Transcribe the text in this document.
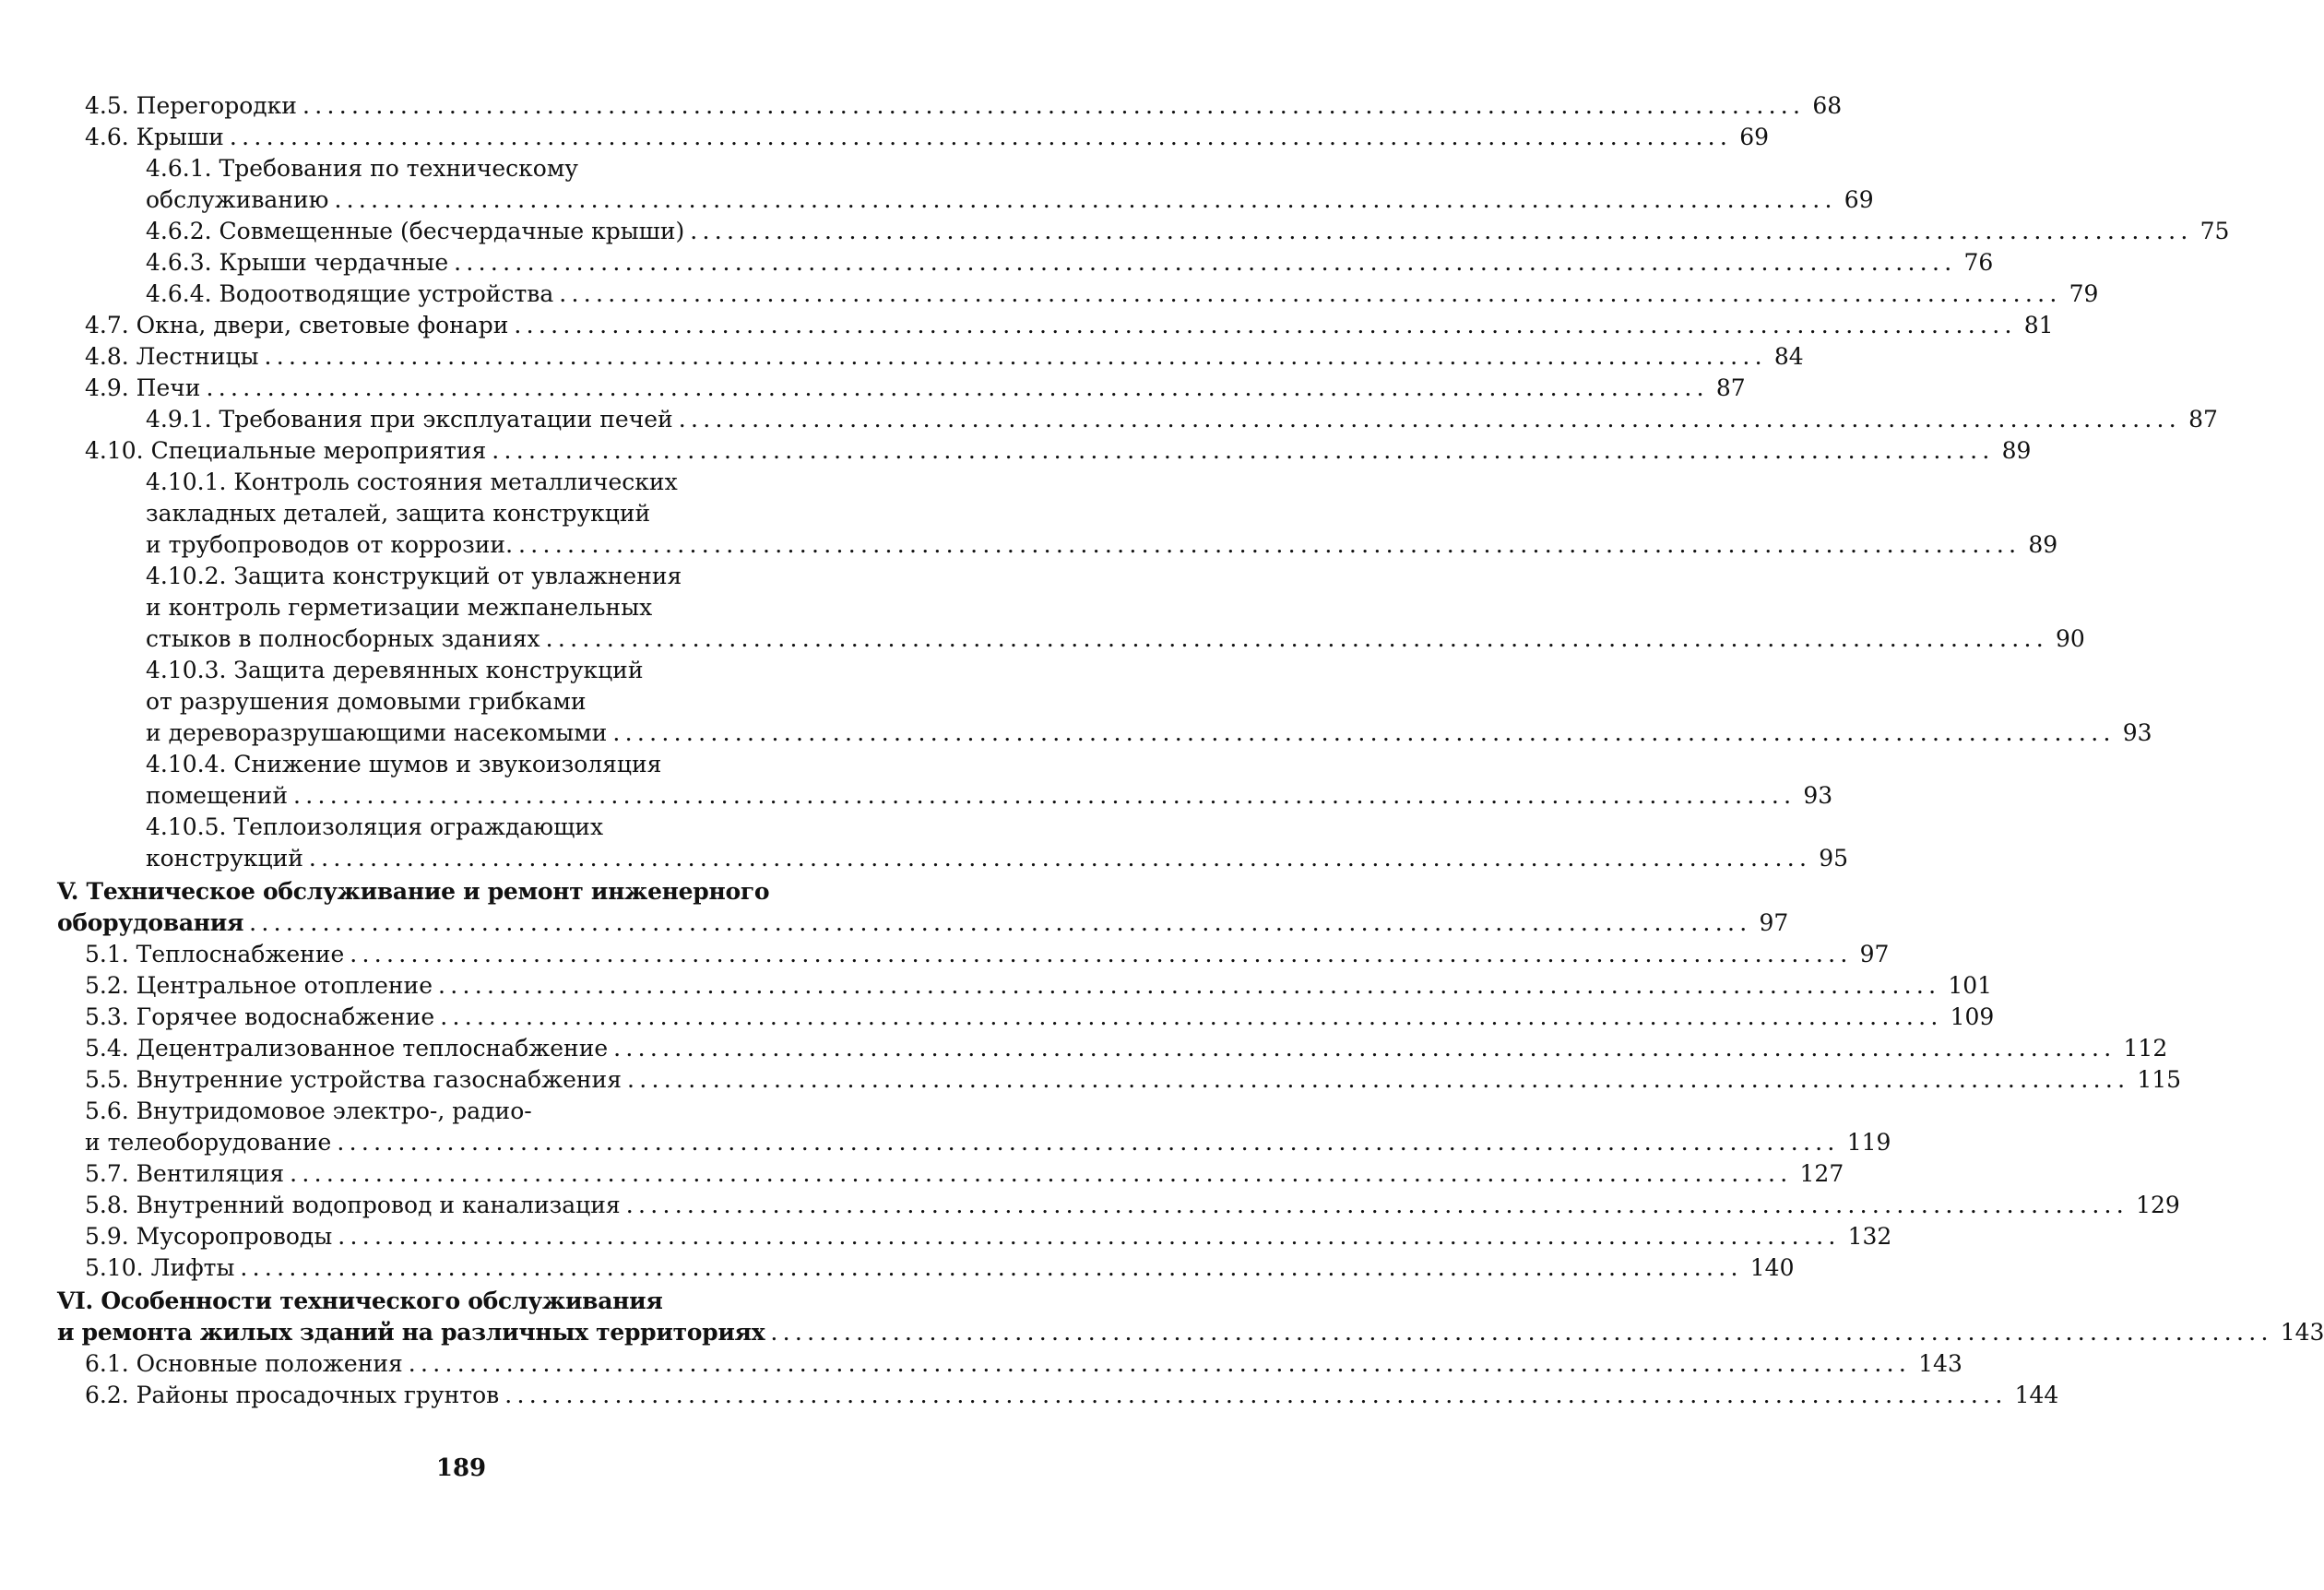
4.5. Перегородки ........................................................................................................................... 68
4.6. Крыши ........................................................................................................................... 69
4.6.1. Требования по техническому
обслуживанию ........................................................................................................................... 69
4.6.2. Совмещенные (бесчердачные крыши) ........................................................................................................................... 75
4.6.3. Крыши чердачные ........................................................................................................................... 76
4.6.4. Водоотводящие устройства ........................................................................................................................... 79
4.7. Окна, двери, световые фонари ........................................................................................................................... 81
4.8. Лестницы ........................................................................................................................... 84
4.9. Печи ........................................................................................................................... 87
4.9.1. Требования при эксплуатации печей ........................................................................................................................... 87
4.10. Специальные мероприятия ........................................................................................................................... 89
4.10.1. Контроль состояния металлических
закладных деталей, защита конструкций
и трубопроводов от коррозии. ........................................................................................................................... 89
4.10.2. Защита конструкций от увлажнения
и контроль герметизации межпанельных
стыков в полносборных зданиях ........................................................................................................................... 90
4.10.3. Защита деревянных конструкций
от разрушения домовыми грибками
и дереворазрушающими насекомыми ........................................................................................................................... 93
4.10.4. Снижение шумов и звукоизоляция
помещений ........................................................................................................................... 93
4.10.5. Теплоизоляция ограждающих
конструкций ........................................................................................................................... 95
V. Техническое обслуживание и ремонт инженерного
оборудования ........................................................................................................................... 97
5.1. Теплоснабжение ........................................................................................................................... 97
5.2. Центральное отопление ........................................................................................................................... 101
5.3. Горячее водоснабжение ........................................................................................................................... 109
5.4. Децентрализованное теплоснабжение ........................................................................................................................... 112
5.5. Внутренние устройства газоснабжения ........................................................................................................................... 115
5.6. Внутридомовое электро-, радио-
и телеоборудование ........................................................................................................................... 119
5.7. Вентиляция ........................................................................................................................... 127
5.8. Внутренний водопровод и канализация ........................................................................................................................... 129
5.9. Мусоропроводы ........................................................................................................................... 132
5.10. Лифты ........................................................................................................................... 140
VI. Особенности технического обслуживания
и ремонта жилых зданий на различных территориях ........................................................................................................................... 143
6.1. Основные положения ........................................................................................................................... 143
6.2. Районы просадочных грунтов ........................................................................................................................... 144
189
